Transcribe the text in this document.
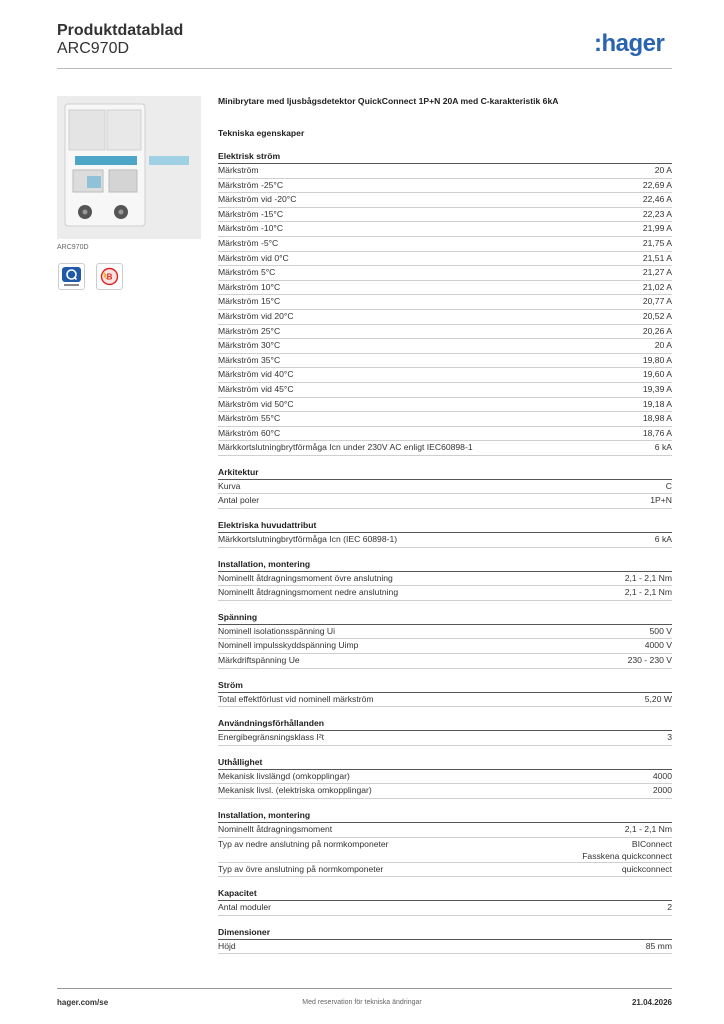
Produktdatablad
ARC970D	:hager
ARC970D
B
Minibrytare med ljusbågsdetektor QuickConnect 1P+N 20A med C-karakteristik 6kA
Tekniska egenskaper
Elektrisk ström
Märkström	20 A
Märkström -25°C	22,69 A
Märkström vid -20°C	22,46 A
Märkström -15°C	22,23 A
Märkström -10°C	21,99 A
Märkström -5°C	21,75 A
Märkström vid 0°C	21,51 A
Märkström 5°C	21,27 A
Märkström 10°C	21,02 A
Märkström 15°C	20,77 A
Märkström vid 20°C	20,52 A
Märkström 25°C	20,26 A
Märkström 30°C	20 A
Märkström 35°C	19,80 A
Märkström vid 40°C	19,60 A
Märkström vid 45°C	19,39 A
Märkström vid 50°C	19,18 A
Märkström 55°C	18,98 A
Märkström 60°C	18,76 A
Märkkortslutningbrytförmåga Icn under 230V AC enligt IEC60898-1	6 kA
Arkitektur
Kurva	C
Antal poler	1P+N
Elektriska huvudattribut
Märkkortslutningbrytförmåga Icn (IEC 60898-1)	6 kA
Installation, montering
Nominellt åtdragningsmoment övre anslutning	2,1 - 2,1 Nm
Nominellt åtdragningsmoment nedre anslutning	2,1 - 2,1 Nm
Spänning
Nominell isolationsspänning Ui	500 V
Nominell impulsskyddspänning Uimp	4000 V
Märkdriftspänning Ue	230 - 230 V
Ström
Total effektförlust vid nominell märkström	5,20 W
Användningsförhållanden
Energibegränsningsklass I²t	3
Uthållighet
Mekanisk livslängd (omkopplingar)	4000
Mekanisk livsl. (elektriska omkopplingar)	2000
Installation, montering
Nominellt åtdragningsmoment	2,1 - 2,1 Nm
Typ av nedre anslutning på normkomponeter	BIConnect
Fasskena quickconnect
Typ av övre anslutning på normkomponeter	quickconnect
Kapacitet
Antal moduler	2
Dimensioner
Höjd	85 mm
hager.com/se	Med reservation för tekniska ändringar	21.04.2026
